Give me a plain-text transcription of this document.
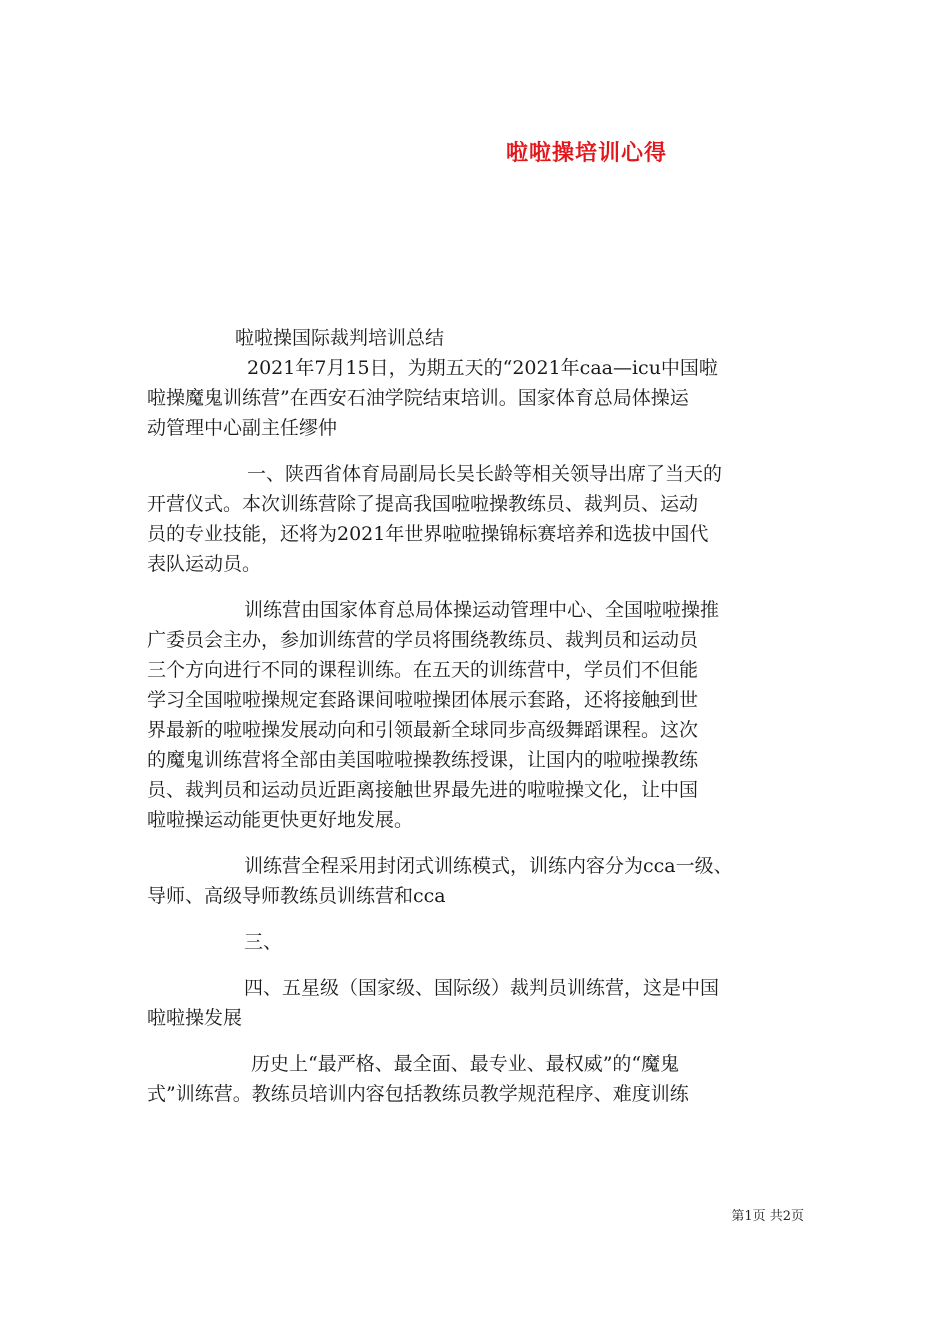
啦啦操培训心得
啦啦操国际裁判培训总结
2021年7月15日，为期五天的“2021年caa—icu中国啦
啦操魔鬼训练营”在西安石油学院结束培训。国家体育总局体操运
动管理中心副主任缪仲
一、陕西省体育局副局长吴长龄等相关领导出席了当天的
开营仪式。本次训练营除了提高我国啦啦操教练员、裁判员、运动
员的专业技能，还将为2021年世界啦啦操锦标赛培养和选拔中国代
表队运动员。
训练营由国家体育总局体操运动管理中心、全国啦啦操推
广委员会主办，参加训练营的学员将围绕教练员、裁判员和运动员
三个方向进行不同的课程训练。在五天的训练营中，学员们不但能
学习全国啦啦操规定套路课间啦啦操团体展示套路，还将接触到世
界最新的啦啦操发展动向和引领最新全球同步高级舞蹈课程。这次
的魔鬼训练营将全部由美国啦啦操教练授课，让国内的啦啦操教练
员、裁判员和运动员近距离接触世界最先进的啦啦操文化，让中国
啦啦操运动能更快更好地发展。
训练营全程采用封闭式训练模式，训练内容分为cca一级、
导师、高级导师教练员训练营和cca
三、
四、五星级（国家级、国际级）裁判员训练营，这是中国
啦啦操发展
历史上“最严格、最全面、最专业、最权威”的“魔鬼
式”训练营。教练员培训内容包括教练员教学规范程序、难度训练
第1页 共2页
